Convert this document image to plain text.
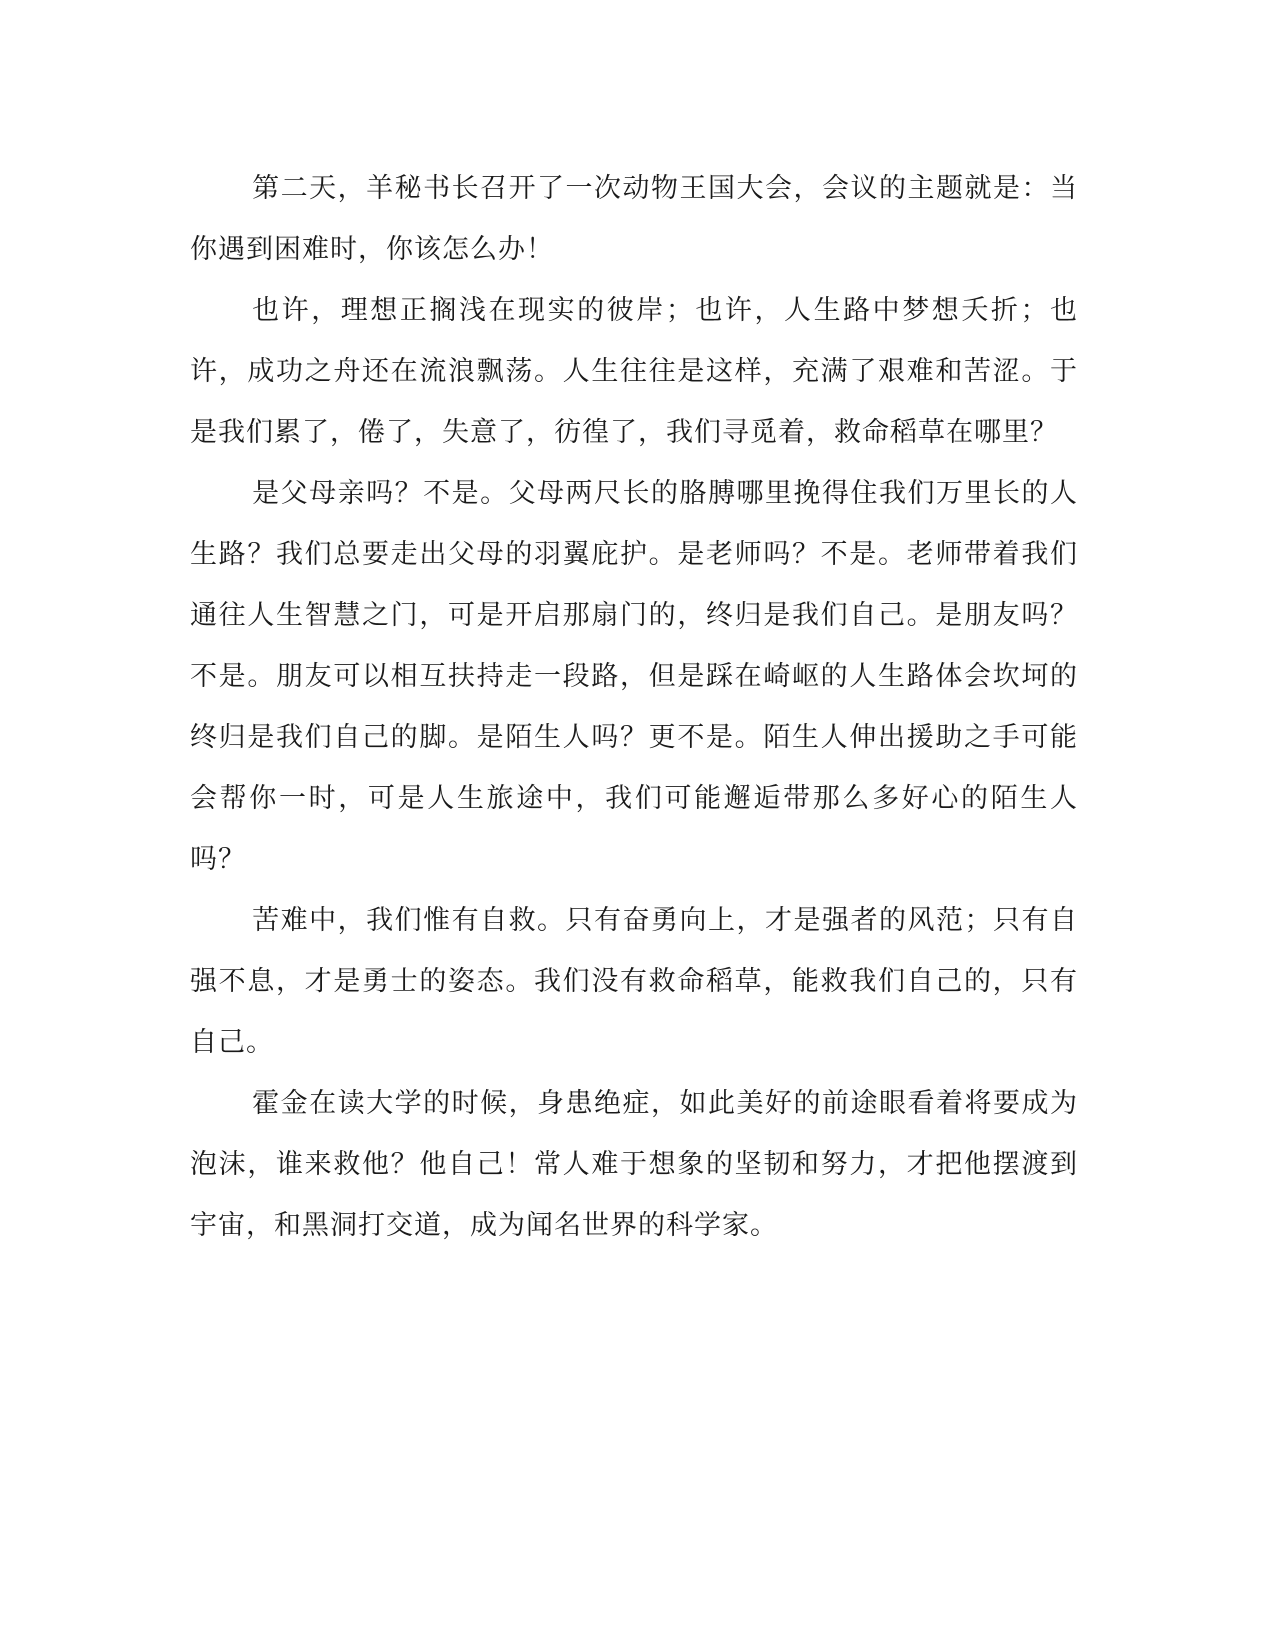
第二天，羊秘书长召开了一次动物王国大会，会议的主题就是：当你遇到困难时，你该怎么办！

也许，理想正搁浅在现实的彼岸；也许，人生路中梦想夭折；也许，成功之舟还在流浪飘荡。人生往往是这样，充满了艰难和苦涩。于是我们累了，倦了，失意了，彷徨了，我们寻觅着，救命稻草在哪里？

是父母亲吗？不是。父母两尺长的胳膊哪里挽得住我们万里长的人生路？我们总要走出父母的羽翼庇护。是老师吗？不是。老师带着我们通往人生智慧之门，可是开启那扇门的，终归是我们自己。是朋友吗？不是。朋友可以相互扶持走一段路，但是踩在崎岖的人生路体会坎坷的终归是我们自己的脚。是陌生人吗？更不是。陌生人伸出援助之手可能会帮你一时，可是人生旅途中，我们可能邂逅带那么多好心的陌生人吗？

苦难中，我们惟有自救。只有奋勇向上，才是强者的风范；只有自强不息，才是勇士的姿态。我们没有救命稻草，能救我们自己的，只有自己。

霍金在读大学的时候，身患绝症，如此美好的前途眼看着将要成为泡沫，谁来救他？他自己！常人难于想象的坚韧和努力，才把他摆渡到宇宙，和黑洞打交道，成为闻名世界的科学家。
